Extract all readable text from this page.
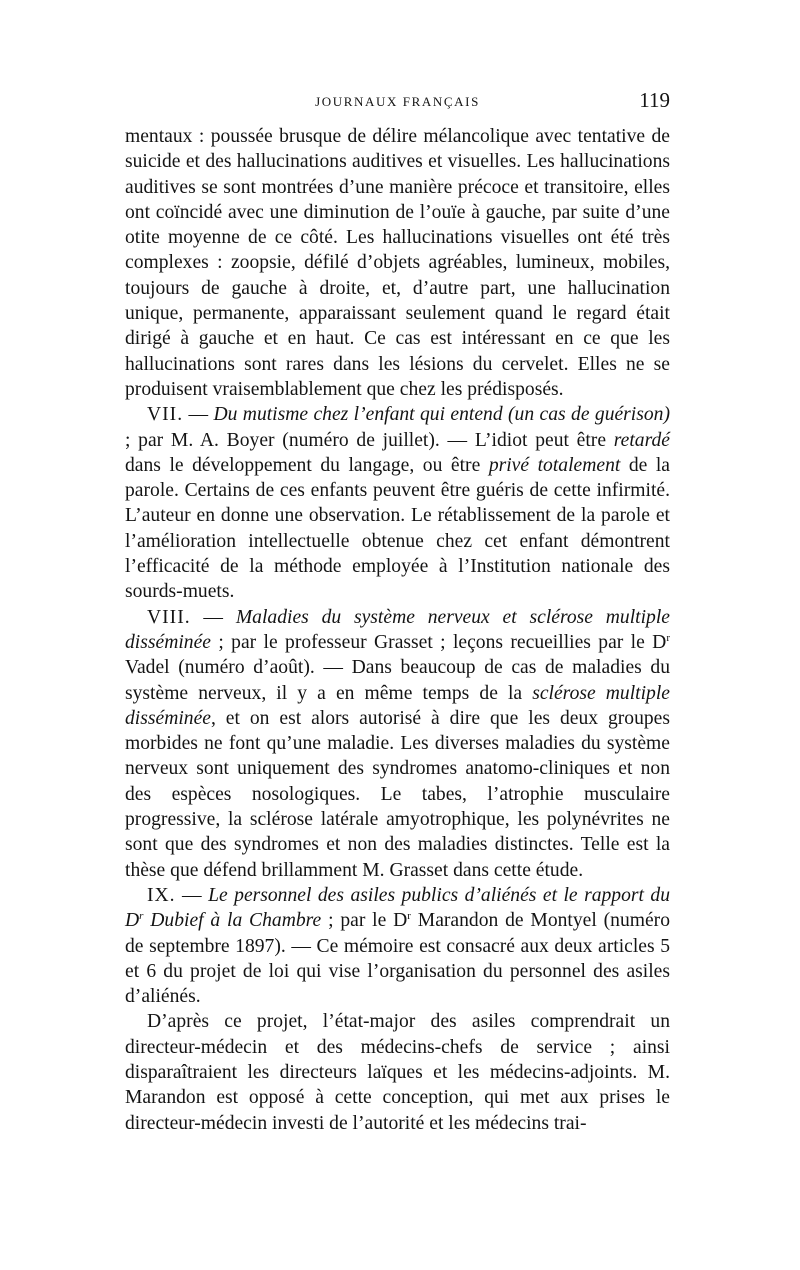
JOURNAUX FRANÇAIS	119

mentaux : poussée brusque de délire mélancolique avec tentative de suicide et des hallucinations auditives et visuelles. Les hallucinations auditives se sont montrées d’une manière précoce et transitoire, elles ont coïncidé avec une diminution de l’ouïe à gauche, par suite d’une otite moyenne de ce côté. Les hallucinations visuelles ont été très complexes : zoopsie, défilé d’objets agréables, lumineux, mobiles, toujours de gauche à droite, et, d’autre part, une hallucination unique, permanente, apparaissant seulement quand le regard était dirigé à gauche et en haut. Ce cas est intéressant en ce que les hallucinations sont rares dans les lésions du cervelet. Elles ne se produisent vraisemblablement que chez les prédisposés.

VII. — Du mutisme chez l’enfant qui entend (un cas de guérison) ; par M. A. Boyer (numéro de juillet). — L’idiot peut être retardé dans le développement du langage, ou être privé totalement de la parole. Certains de ces enfants peuvent être guéris de cette infirmité. L’auteur en donne une observation. Le rétablissement de la parole et l’amélioration intellectuelle obtenue chez cet enfant démontrent l’efficacité de la méthode employée à l’Institution nationale des sourds-muets.

VIII. — Maladies du système nerveux et sclérose multiple disséminée ; par le professeur Grasset ; leçons recueillies par le $D^r$ Vadel (numéro d’août). — Dans beaucoup de cas de maladies du système nerveux, il y a en même temps de la sclérose multiple disséminée, et on est alors autorisé à dire que les deux groupes morbides ne font qu’une maladie. Les diverses maladies du système nerveux sont uniquement des syndromes anatomo-cliniques et non des espèces nosologiques. Le tabes, l’atrophie musculaire progressive, la sclérose latérale amyotrophique, les polynévrites ne sont que des syndromes et non des maladies distinctes. Telle est la thèse que défend brillamment M. Grasset dans cette étude.

IX. — Le personnel des asiles publics d’aliénés et le rapport du $D^r$ Dubief à la Chambre ; par le $D^r$ Marandon de Montyel (numéro de septembre 1897). — Ce mémoire est consacré aux deux articles 5 et 6 du projet de loi qui vise l’organisation du personnel des asiles d’aliénés.

D’après ce projet, l’état-major des asiles comprendrait un directeur-médecin et des médecins-chefs de service ; ainsi disparaîtraient les directeurs laïques et les médecins-adjoints. M. Marandon est opposé à cette conception, qui met aux prises le directeur-médecin investi de l’autorité et les médecins trai-
